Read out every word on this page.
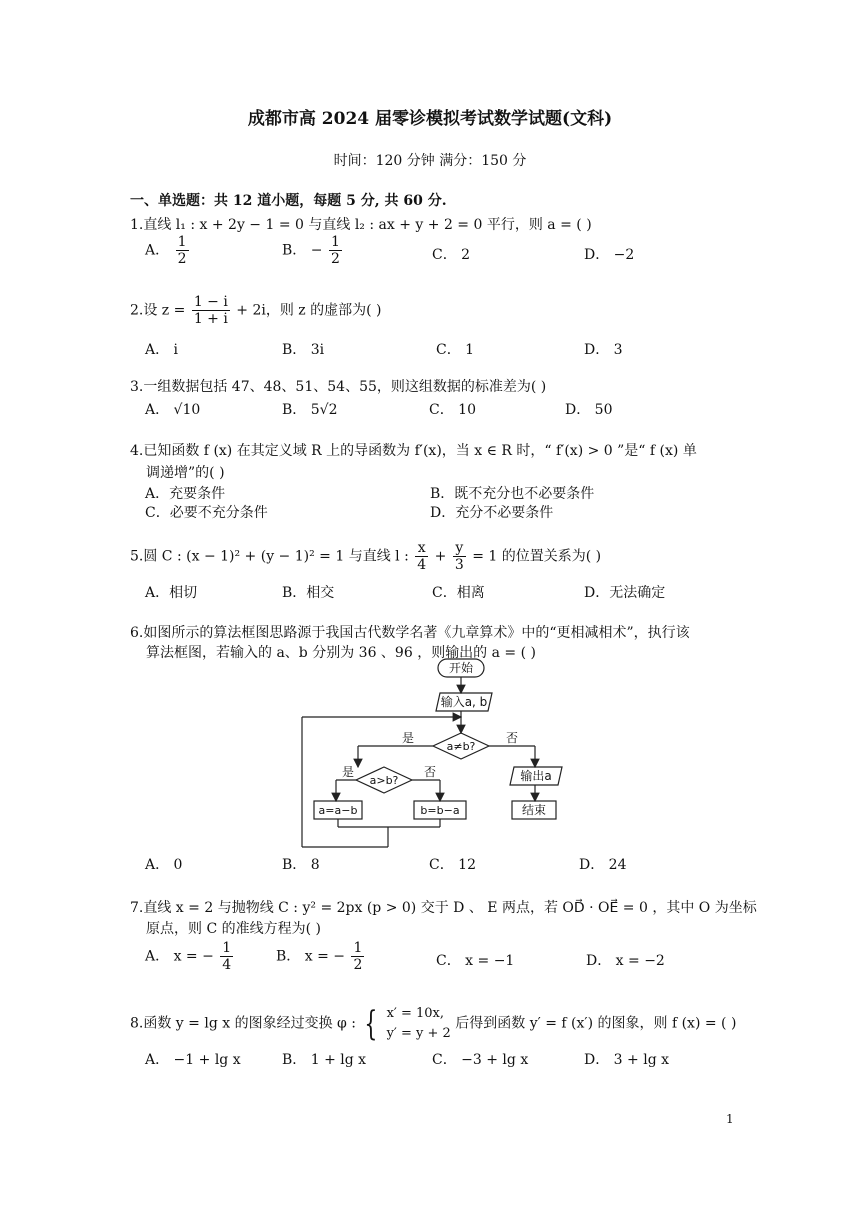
成都市高 2024 届零诊模拟考试数学试题(文科)
时间：120 分钟 满分：150 分
一、单选题：共 12 道小题，每题 5 分, 共 60 分.
1.直线 l₁ : x + 2y − 1 = 0 与直线 l₂ : ax + y + 2 = 0 平行，则 a = ( )
A． $\frac{1}{2}$	B． − $\frac{1}{2}$	C． 2	D． −2
2.设 $z = \frac{1 - i}{1 + i} + 2i$，则 z 的虚部为( )
A． i	B． 3i	C． 1	D． 3
3.一组数据包括 47、48、51、54、55，则这组数据的标准差为( )
A． √10	B． 5√2	C． 10	D． 50
4.已知函数 f (x) 在其定义域 R 上的导函数为 f′(x)，当 x ∈ R 时，“ f′(x) > 0 ”是“ f (x) 单
调递增”的( )
A．充要条件	B．既不充分也不必要条件
C．必要不充分条件	D．充分不必要条件
5.圆 C : (x − 1)² + (y − 1)² = 1 与直线 l : $\frac{x}{4} + \frac{y}{3} = 1$ 的位置关系为( )
A．相切	B．相交	C．相离	D．无法确定
6.如图所示的算法框图思路源于我国古代数学名著《九章算术》中的“更相减相术”，执行该
算法框图，若输入的 a、b 分别为 36 、96 ，则输出的 a = ( )
开始
输入a, b
a≠b?
是	否
a>b?
是	否
a=a−b	b=b−a
输出a
结束
A． 0	B． 8	C． 12	D． 24
7.直线 x = 2 与抛物线 C : y² = 2px (p > 0) 交于 D 、 E 两点，若 OD⃗ · OE⃗ = 0 ，其中 O 为坐标
原点，则 C 的准线方程为( )
A． x = − $\frac{1}{4}$	B． x = − $\frac{1}{2}$	C． x = −1	D． x = −2
8.函数 y = lg x 的图象经过变换 φ : { x′ = 10x,
y′ = y + 2
后得到函数 y′ = f (x′) 的图象，则 f (x) = ( )
A． −1 + lg x	B． 1 + lg x	C． −3 + lg x	D． 3 + lg x
1
